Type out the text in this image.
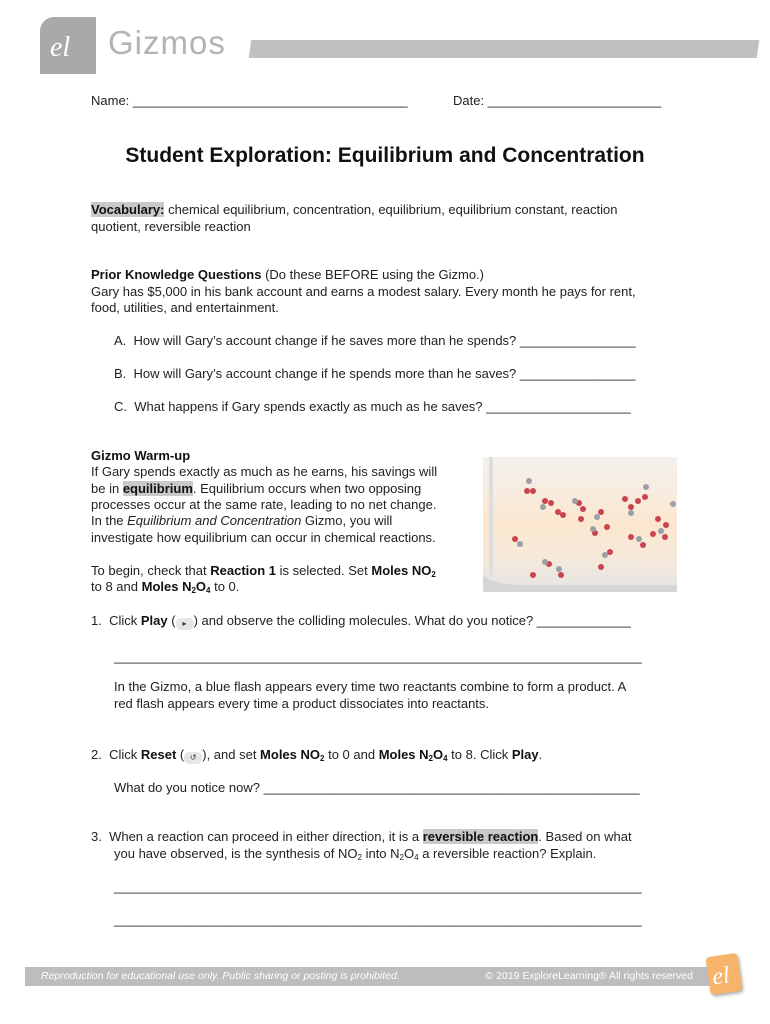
el Gizmos
Name: ______________________________________	Date: ________________________
Student Exploration: Equilibrium and Concentration
Vocabulary: chemical equilibrium, concentration, equilibrium, equilibrium constant, reaction
quotient, reversible reaction
Prior Knowledge Questions (Do these BEFORE using the Gizmo.)
Gary has $5,000 in his bank account and earns a modest salary. Every month he pays for rent,
food, utilities, and entertainment.
A. How will Gary’s account change if he saves more than he spends? ________________
B. How will Gary’s account change if he spends more than he saves? ________________
C. What happens if Gary spends exactly as much as he saves? ____________________
Gizmo Warm-up
If Gary spends exactly as much as he earns, his savings will
be in equilibrium. Equilibrium occurs when two opposing
processes occur at the same rate, leading to no net change.
In the Equilibrium and Concentration Gizmo, you will
investigate how equilibrium can occur in chemical reactions.
To begin, check that Reaction 1 is selected. Set Moles $NO_2$
to 8 and Moles $N_2O_4$ to 0.
1. Click Play ( ▸ ) and observe the colliding molecules. What do you notice? _____________
_________________________________________________________________________
In the Gizmo, a blue flash appears every time two reactants combine to form a product. A
red flash appears every time a product dissociates into reactants.
2. Click Reset ( ↺ ), and set Moles $NO_2$ to 0 and Moles $N_2O_4$ to 8. Click Play.
What do you notice now? ____________________________________________________
3. When a reaction can proceed in either direction, it is a reversible reaction. Based on what
you have observed, is the synthesis of $NO_2$ into $N_2O_4$ a reversible reaction? Explain.
_________________________________________________________________________
_________________________________________________________________________
Reproduction for educational use only. Public sharing or posting is prohibited.	© 2019 ExploreLearning® All rights reserved el
